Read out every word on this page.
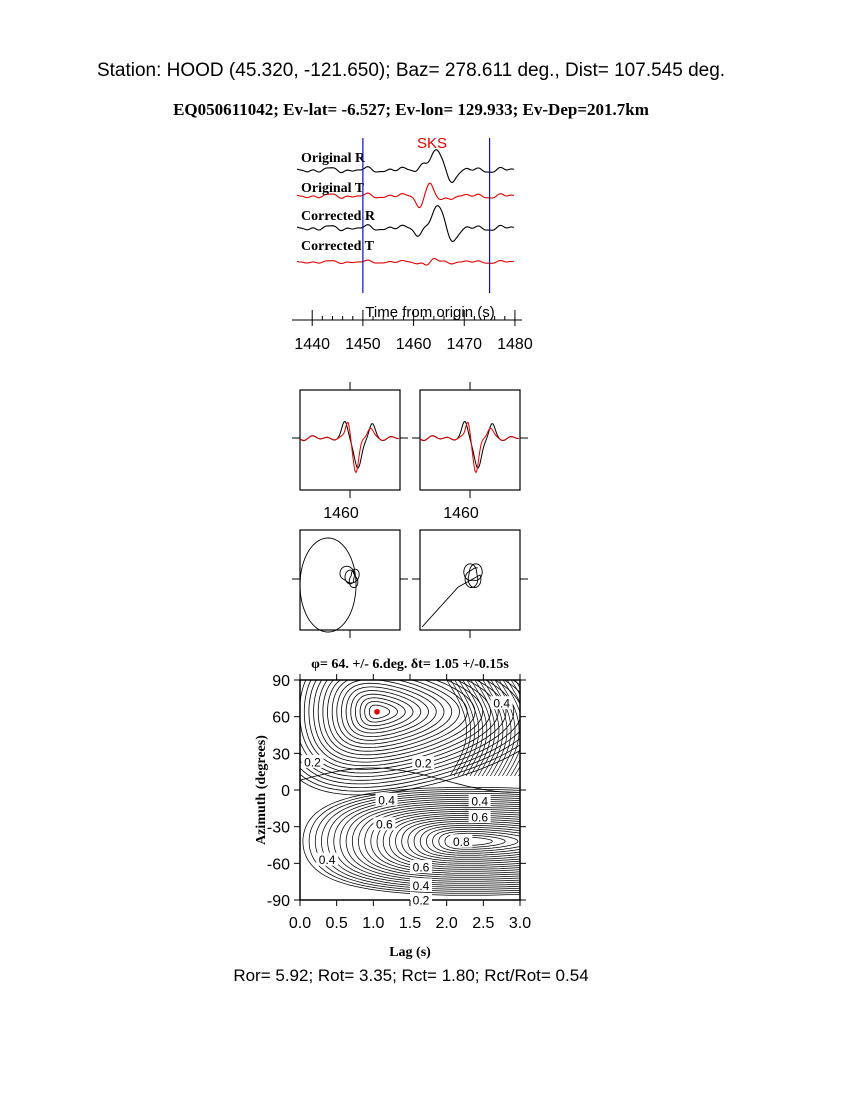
Station: HOOD (45.320, -121.650); Baz= 278.611 deg., Dist= 107.545 deg.
EQ050611042; Ev-lat= -6.527; Ev-lon= 129.933; Ev-Dep=201.7km
Original R
Original T
Corrected R
Corrected T
SKS
1440 1450 1460 1470 1480
Time from origin (s)
1460	1460
φ= 64. +/- 6.deg. δt= 1.05 +/-0.15s
0.4
0.2	0.2
0.4	0.4
0.6
0.6
0.8
0.4
0.6
0.4
0.2
0.0 0.5 1.0 1.5 2.0 2.5 3.0
90
60
30
0
-30
-60
-90
Lag (s)
Azimuth (degrees)
Ror= 5.92; Rot= 3.35; Rct= 1.80; Rct/Rot= 0.54
